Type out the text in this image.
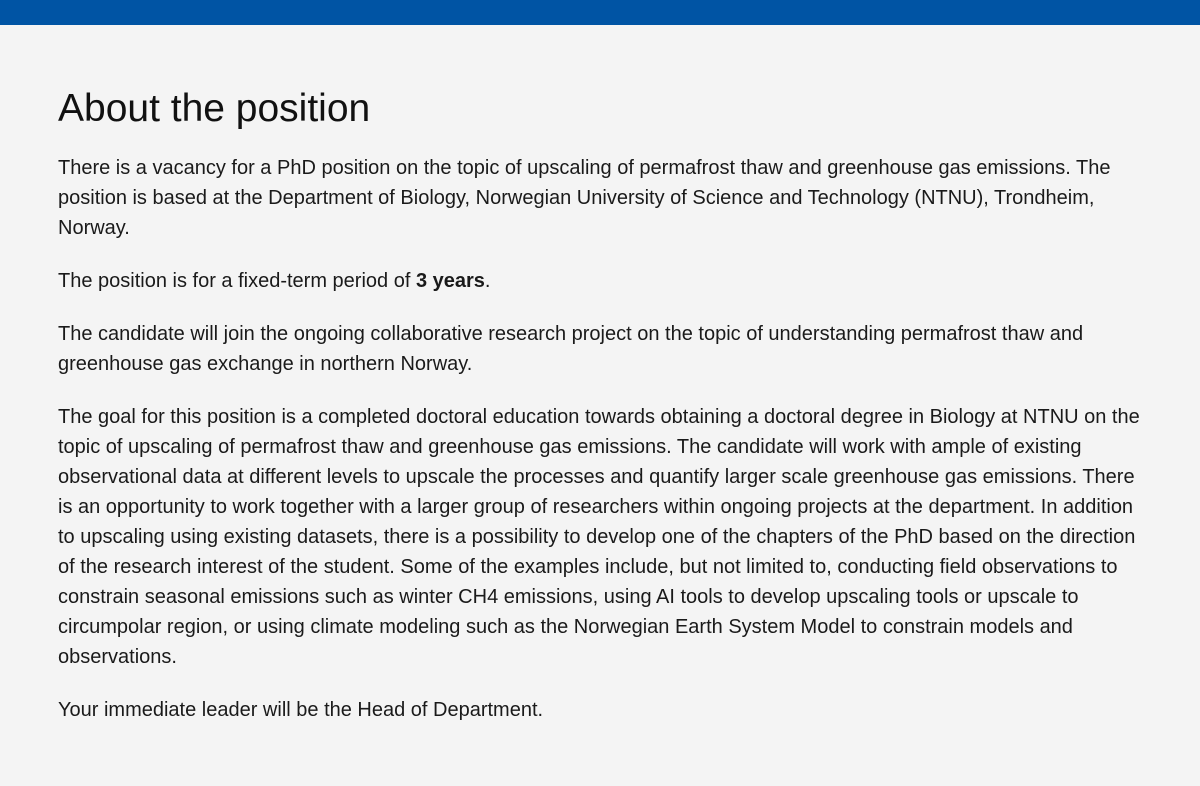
About the position

There is a vacancy for a PhD position on the topic of upscaling of permafrost thaw and greenhouse gas emissions. The position is based at the Department of Biology, Norwegian University of Science and Technology (NTNU), Trondheim, Norway.

The position is for a fixed-term period of 3 years.

The candidate will join the ongoing collaborative research project on the topic of understanding permafrost thaw and greenhouse gas exchange in northern Norway.

The goal for this position is a completed doctoral education towards obtaining a doctoral degree in Biology at NTNU on the topic of upscaling of permafrost thaw and greenhouse gas emissions. The candidate will work with ample of existing observational data at different levels to upscale the processes and quantify larger scale greenhouse gas emissions. There is an opportunity to work together with a larger group of researchers within ongoing projects at the department. In addition to upscaling using existing datasets, there is a possibility to develop one of the chapters of the PhD based on the direction of the research interest of the student. Some of the examples include, but not limited to, conducting field observations to constrain seasonal emissions such as winter CH4 emissions, using AI tools to develop upscaling tools or upscale to circumpolar region, or using climate modeling such as the Norwegian Earth System Model to constrain models and observations.

Your immediate leader will be the Head of Department.
